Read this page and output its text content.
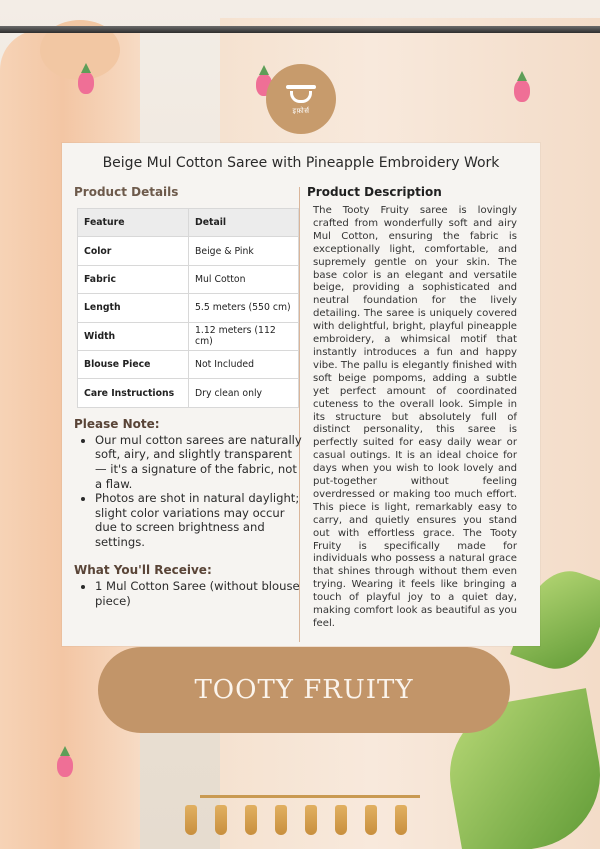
इफ़ोर्स
Beige Mul Cotton Saree with Pineapple Embroidery Work
Product Details
Feature	Detail
Color	Beige & Pink
Fabric	Mul Cotton
Length	5.5 meters (550 cm)
Width	1.12 meters (112 cm)
Blouse Piece	Not Included
Care Instructions	Dry clean only
Please Note:
• Our mul cotton sarees are naturally soft, airy, and slightly transparent — it's a signature of the fabric, not a flaw.
• Photos are shot in natural daylight; slight color variations may occur due to screen brightness and settings.
What You'll Receive:
• 1 Mul Cotton Saree (without blouse piece)
Product Description

The Tooty Fruity saree is lovingly crafted from wonderfully soft and airy Mul Cotton, ensuring the fabric is exceptionally light, comfortable, and supremely gentle on your skin. The base color is an elegant and versatile beige, providing a sophisticated and neutral foundation for the lively detailing. The saree is uniquely covered with delightful, bright, playful pineapple embroidery, a whimsical motif that instantly introduces a fun and happy vibe. The pallu is elegantly finished with soft beige pompoms, adding a subtle yet perfect amount of coordinated cuteness to the overall look. Simple in its structure but absolutely full of distinct personality, this saree is perfectly suited for easy daily wear or casual outings. It is an ideal choice for days when you wish to look lovely and put-together without feeling overdressed or making too much effort. This piece is light, remarkably easy to carry, and quietly ensures you stand out with effortless grace. The Tooty Fruity is specifically made for individuals who possess a natural grace that shines through without them even trying. Wearing it feels like bringing a touch of playful joy to a quiet day, making comfort look as beautiful as you feel.

TOOTY FRUITY
